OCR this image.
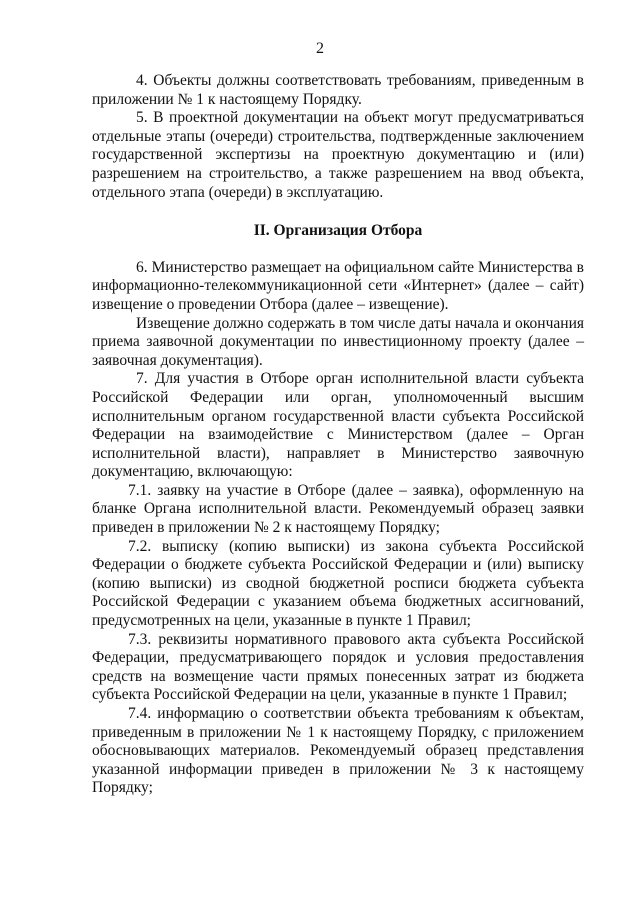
2

4. Объекты должны соответствовать требованиям, приведенным в приложении № 1 к настоящему Порядку.

5. В проектной документации на объект могут предусматриваться отдельные этапы (очереди) строительства, подтвержденные заключением государственной экспертизы на проектную документацию и (или) разрешением на строительство, а также разрешением на ввод объекта, отдельного этапа (очереди) в эксплуатацию.

II. Организация Отбора

6. Министерство размещает на официальном сайте Министерства в информационно-телекоммуникационной сети «Интернет» (далее – сайт) извещение о проведении Отбора (далее – извещение).

Извещение должно содержать в том числе даты начала и окончания приема заявочной документации по инвестиционному проекту (далее – заявочная документация).

7. Для участия в Отборе орган исполнительной власти субъекта Российской Федерации или орган, уполномоченный высшим исполнительным органом государственной власти субъекта Российской Федерации на взаимодействие с Министерством (далее – Орган исполнительной власти), направляет в Министерство заявочную документацию, включающую:

7.1. заявку на участие в Отборе (далее – заявка), оформленную на бланке Органа исполнительной власти. Рекомендуемый образец заявки приведен в приложении № 2 к настоящему Порядку;

7.2. выписку (копию выписки) из закона субъекта Российской Федерации о бюджете субъекта Российской Федерации и (или) выписку (копию выписки) из сводной бюджетной росписи бюджета субъекта Российской Федерации с указанием объема бюджетных ассигнований, предусмотренных на цели, указанные в пункте 1 Правил;

7.3. реквизиты нормативного правового акта субъекта Российской Федерации, предусматривающего порядок и условия предоставления средств на возмещение части прямых понесенных затрат из бюджета субъекта Российской Федерации на цели, указанные в пункте 1 Правил;

7.4. информацию о соответствии объекта требованиям к объектам, приведенным в приложении № 1 к настоящему Порядку, с приложением обосновывающих материалов. Рекомендуемый образец представления указанной информации приведен в приложении № 3 к настоящему Порядку;
